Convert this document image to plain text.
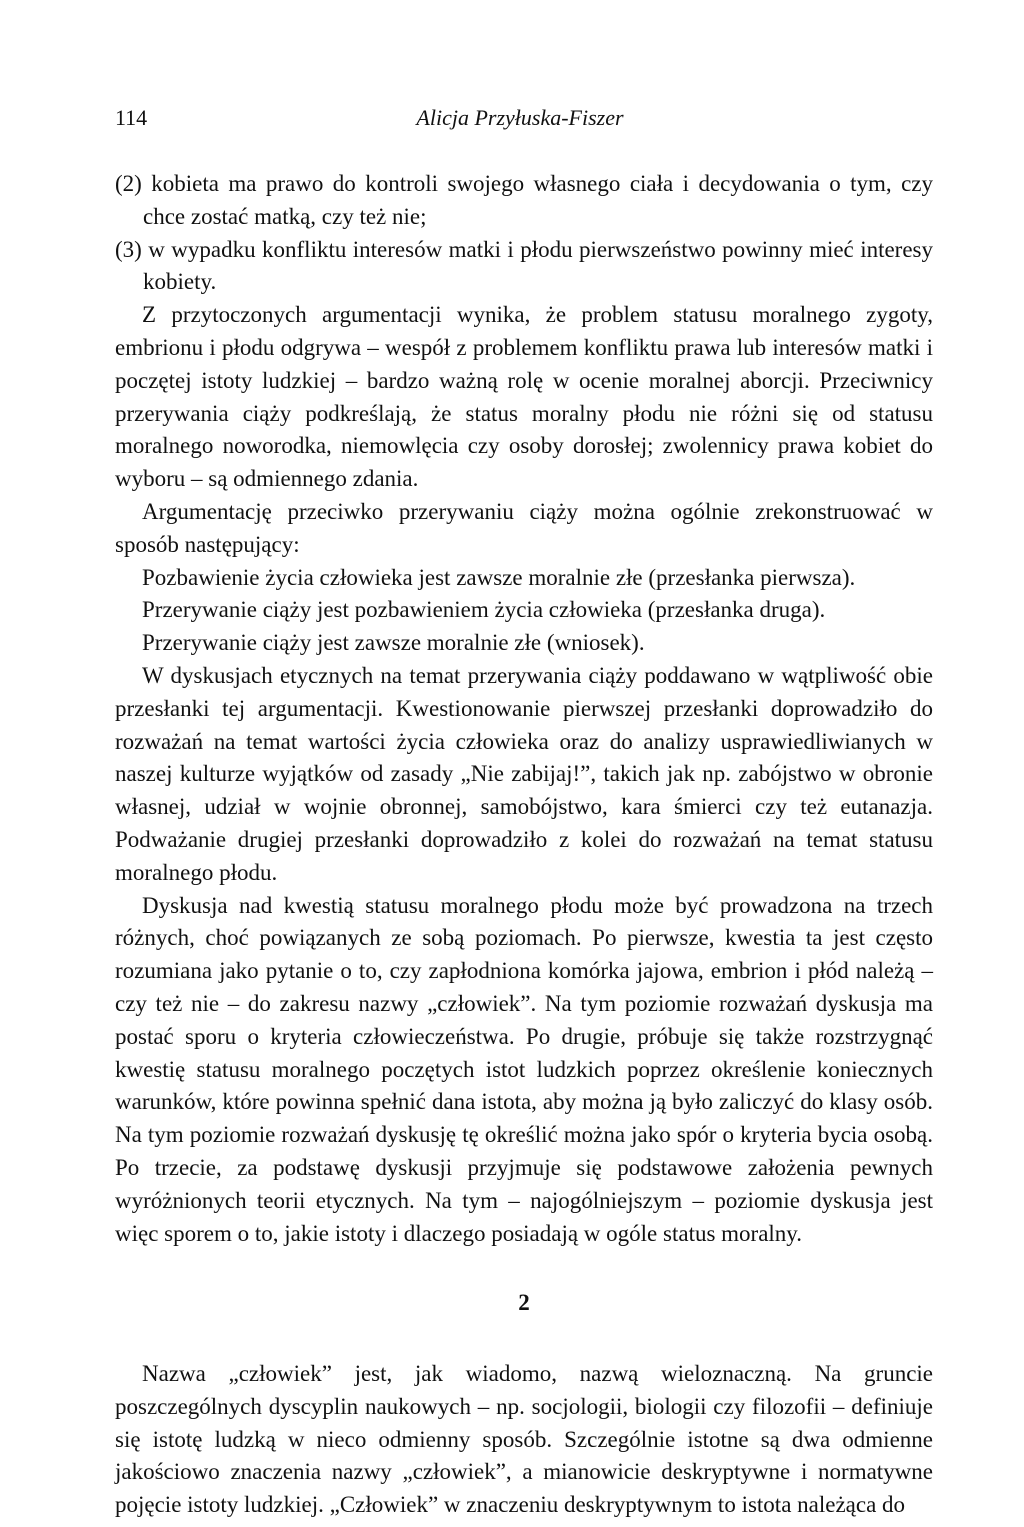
114	Alicja Przyłuska-Fiszer

(2) kobieta ma prawo do kontroli swojego własnego ciała i decydowania o tym, czy chce zostać matką, czy też nie;

(3) w wypadku konfliktu interesów matki i płodu pierwszeństwo powinny mieć interesy kobiety.

Z przytoczonych argumentacji wynika, że problem statusu moralnego zygoty, embrionu i płodu odgrywa – wespół z problemem konfliktu prawa lub interesów matki i poczętej istoty ludzkiej – bardzo ważną rolę w ocenie moralnej aborcji. Przeciwnicy przerywania ciąży podkreślają, że status moralny płodu nie różni się od statusu moralnego noworodka, niemowlęcia czy osoby dorosłej; zwolennicy prawa kobiet do wyboru – są odmiennego zdania.

Argumentację przeciwko przerywaniu ciąży można ogólnie zrekonstruować w sposób następujący:

Pozbawienie życia człowieka jest zawsze moralnie złe (przesłanka pierwsza).

Przerywanie ciąży jest pozbawieniem życia człowieka (przesłanka druga).

Przerywanie ciąży jest zawsze moralnie złe (wniosek).

W dyskusjach etycznych na temat przerywania ciąży poddawano w wątpliwość obie przesłanki tej argumentacji. Kwestionowanie pierwszej przesłanki doprowadziło do rozważań na temat wartości życia człowieka oraz do analizy usprawiedliwianych w naszej kulturze wyjątków od zasady „Nie zabijaj!”, takich jak np. zabójstwo w obronie własnej, udział w wojnie obronnej, samobójstwo, kara śmierci czy też eutanazja. Podważanie drugiej przesłanki doprowadziło z kolei do rozważań na temat statusu moralnego płodu.

Dyskusja nad kwestią statusu moralnego płodu może być prowadzona na trzech różnych, choć powiązanych ze sobą poziomach. Po pierwsze, kwestia ta jest często rozumiana jako pytanie o to, czy zapłodniona komórka jajowa, embrion i płód należą – czy też nie – do zakresu nazwy „człowiek”. Na tym poziomie rozważań dyskusja ma postać sporu o kryteria człowieczeństwa. Po drugie, próbuje się także rozstrzygnąć kwestię statusu moralnego poczętych istot ludzkich poprzez określenie koniecznych warunków, które powinna spełnić dana istota, aby można ją było zaliczyć do klasy osób. Na tym poziomie rozważań dyskusję tę określić można jako spór o kryteria bycia osobą. Po trzecie, za podstawę dyskusji przyjmuje się podstawowe założenia pewnych wyróżnionych teorii etycznych. Na tym – najogólniejszym – poziomie dyskusja jest więc sporem o to, jakie istoty i dlaczego posiadają w ogóle status moralny.

2

Nazwa „człowiek” jest, jak wiadomo, nazwą wieloznaczną. Na gruncie poszczególnych dyscyplin naukowych – np. socjologii, biologii czy filozofii – definiuje się istotę ludzką w nieco odmienny sposób. Szczególnie istotne są dwa odmienne jakościowo znaczenia nazwy „człowiek”, a mianowicie deskryptywne i normatywne pojęcie istoty ludzkiej. „Człowiek” w znaczeniu deskryptywnym to istota należąca do
